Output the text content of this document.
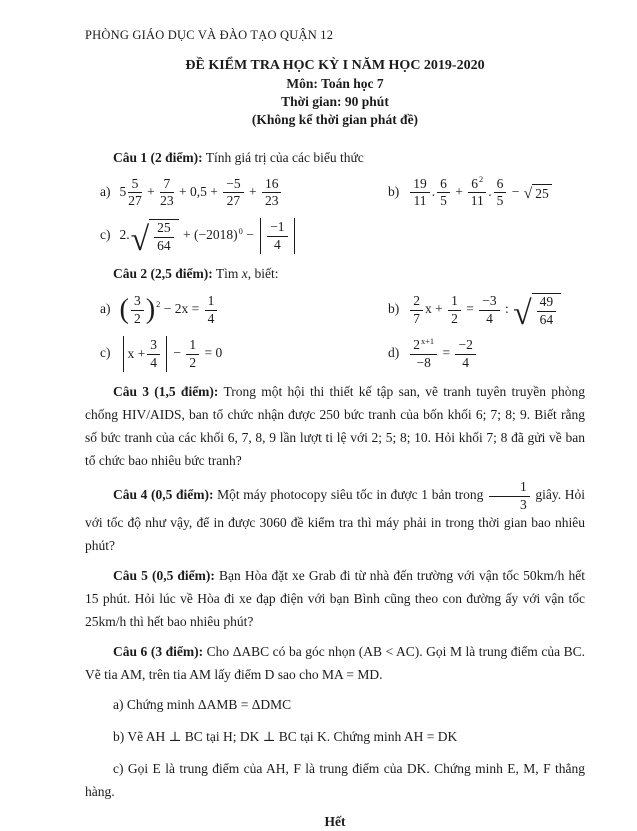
PHÒNG GIÁO DỤC VÀ ĐÀO TẠO QUẬN 12
ĐỀ KIỂM TRA HỌC KỲ I NĂM HỌC 2019-2020
Môn: Toán học 7
Thời gian: 90 phút
(Không kể thời gian phát đề)

Câu 1 (2 điểm): Tính giá trị của các biểu thức

a) $5 \frac{5}{27} + \frac{7}{23} + 0,5 + \frac{-5}{27} + \frac{16}{23}$	$b) \frac{19}{11}$ . $\frac{6}{5} + \frac{6^2}{11}$ . $\frac{6}{5}$ − √ 25
c) 2. √ $\frac{25}{64} + (-2018)^0 - \frac{-1}{4}$

Câu 2 (2,5 điểm): Tìm x, biết:

a) ( $\frac{3}{2}$ ) $^2 - 2x = \frac{1}{4}$	$b) \frac{2}{7}$ $x + \frac{1}{2} = \frac{-3}{4}$ : √ $\frac{49}{64}$
c) $x + \frac{3}{4} - \frac{1}{2} = 0$	$d) \frac{2^{x+1}}{-8} = \frac{-2}{4}$

Câu 3 (1,5 điểm): Trong một hội thi thiết kế tập san, vẽ tranh tuyên truyền phòng chống HIV/AIDS, ban tổ chức nhận được 250 bức tranh của bốn khối 6; 7; 8; 9. Biết rằng số bức tranh của các khối 6, 7, 8, 9 lần lượt ti lệ với 2; 5; 8; 10. Hỏi khối 7; 8 đã gửi về ban tổ chức bao nhiêu bức tranh?

Câu 4 (0,5 điểm): Một máy photocopy siêu tốc in được 1 bản trong $\frac{1}{3}$ giây. Hỏi với tốc độ như vậy, để in được 3060 đề kiểm tra thì máy phải in trong thời gian bao nhiêu phút?

Câu 5 (0,5 điểm): Bạn Hòa đặt xe Grab đi từ nhà đến trường với vận tốc 50km/h hết 15 phút. Hỏi lúc về Hòa đi xe đạp điện với bạn Bình cũng theo con đường ấy với vận tốc 25km/h thì hết bao nhiêu phút?

Câu 6 (3 điểm): Cho ΔABC có ba góc nhọn (AB < AC). Gọi M là trung điểm của BC. Vẽ tia AM, trên tia AM lấy điểm D sao cho MA = MD.

a) Chứng minh ΔAMB = ΔDMC

b) Vẽ AH ⊥ BC tại H; DK ⊥ BC tại K. Chứng minh AH = DK

c) Gọi E là trung điểm của AH, F là trung điểm của DK. Chứng minh E, M, F thẳng hàng.

Hết
